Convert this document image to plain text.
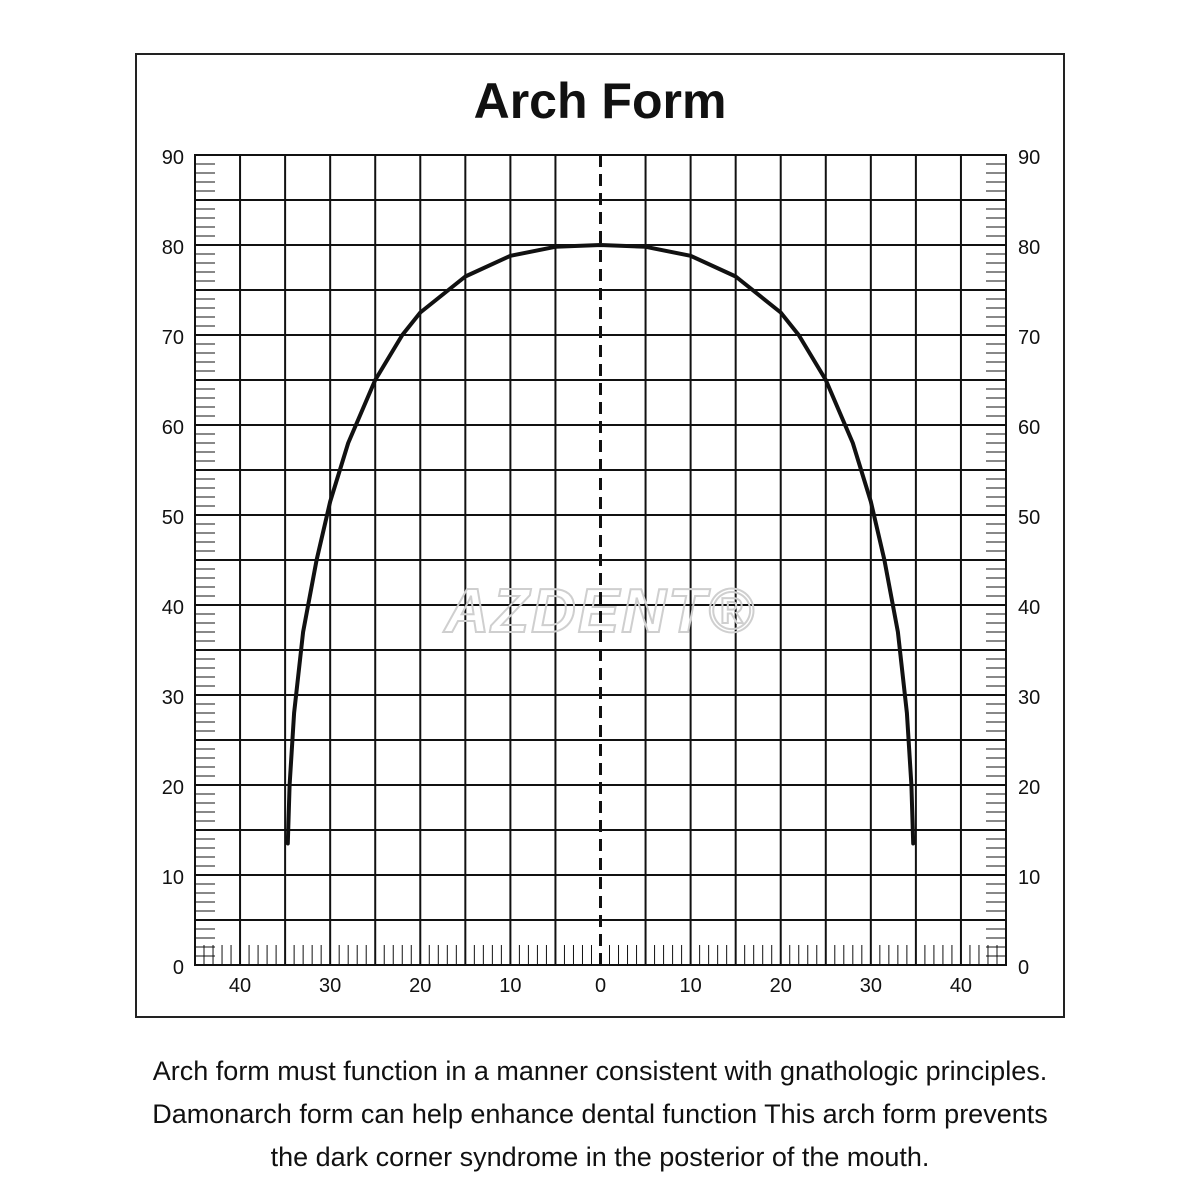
Arch Form
AZDENT®
0	0
10	10
20	20
30	30
40	40
50	50
60	60
70	70
80	80
90	90
40	30	20	10	0	10	20	30	40
Arch form must function in a manner consistent with gnathologic principles.
Damonarch form can help enhance dental function This arch form prevents
the dark corner syndrome in the posterior of the mouth.
